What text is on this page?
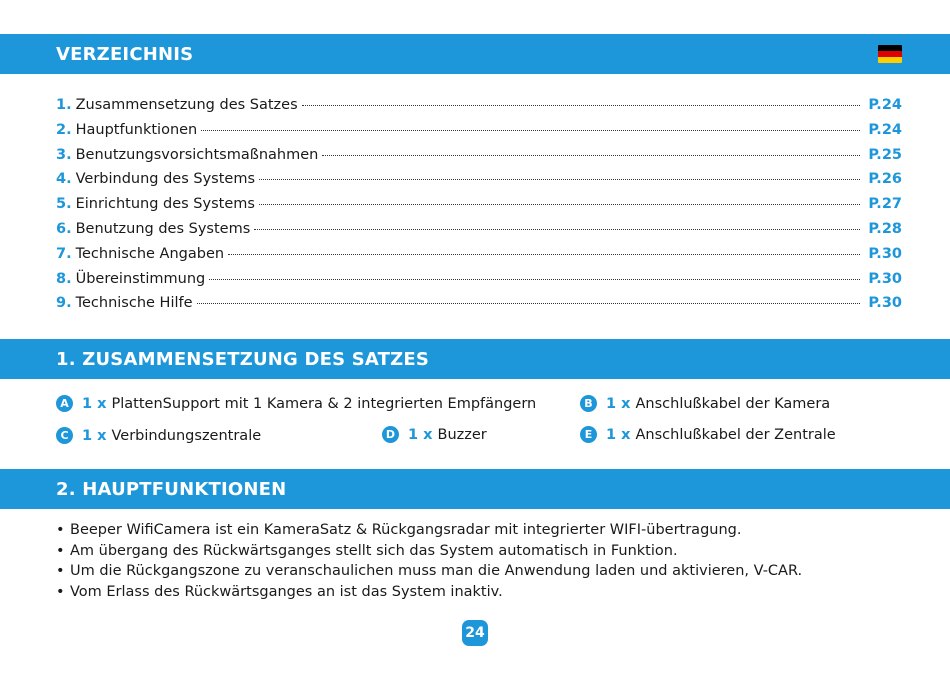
VERZEICHNIS
1. Zusammensetzung des Satzes	P.24
2. Hauptfunktionen	P.24
3. Benutzungsvorsichtsmaßnahmen	P.25
4. Verbindung des Systems	P.26
5. Einrichtung des Systems	P.27
6. Benutzung des Systems	P.28
7. Technische Angaben	P.30
8. Übereinstimmung	P.30
9. Technische Hilfe	P.30
1. ZUSAMMENSETZUNG DES SATZES
A 1 x PlattenSupport mit 1 Kamera & 2 integrierten Empfängern	B 1 x Anschlußkabel der Kamera
C 1 x Verbindungszentrale	D 1 x Buzzer	E 1 x Anschlußkabel der Zentrale
2. HAUPTFUNKTIONEN
• Beeper WifiCamera ist ein KameraSatz & Rückgangsradar mit integrierter WIFI-übertragung.
• Am übergang des Rückwärtsganges stellt sich das System automatisch in Funktion.
• Um die Rückgangszone zu veranschaulichen muss man die Anwendung laden und aktivieren, V-CAR.
• Vom Erlass des Rückwärtsganges an ist das System inaktiv.
24
